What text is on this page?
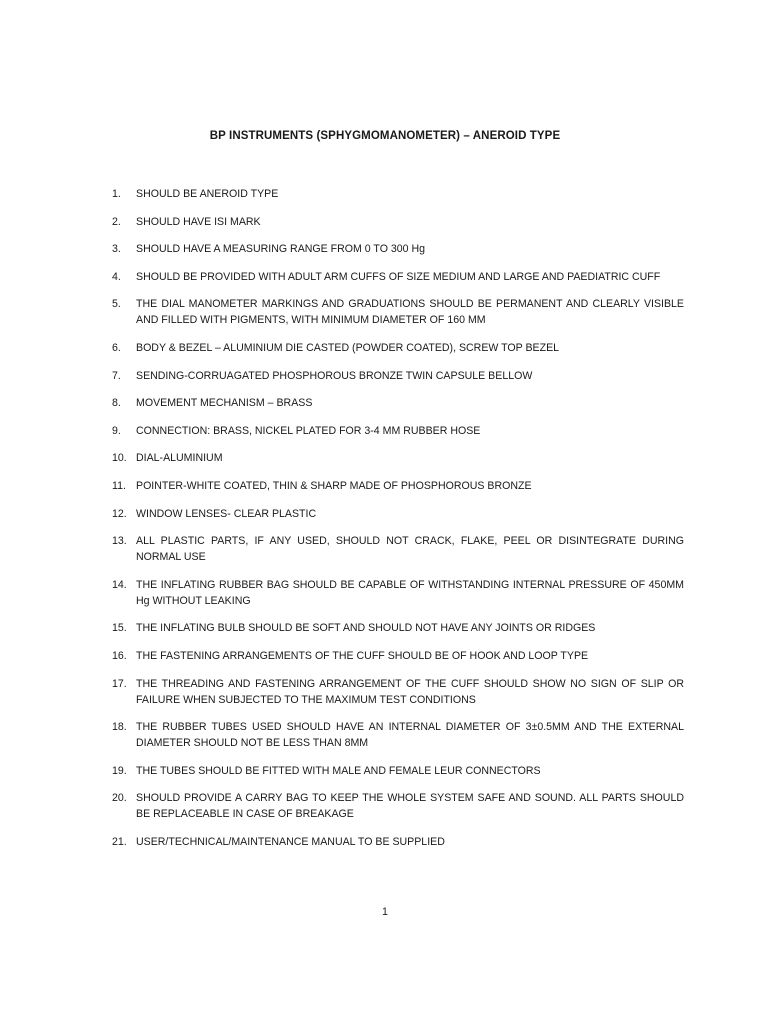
BP INSTRUMENTS (SPHYGMOMANOMETER) – ANEROID TYPE
1.	SHOULD BE ANEROID TYPE
2.	SHOULD HAVE ISI MARK
3.	SHOULD HAVE A MEASURING RANGE FROM 0 TO 300 Hg
4.	SHOULD BE PROVIDED WITH ADULT ARM CUFFS OF SIZE MEDIUM AND LARGE AND PAEDIATRIC CUFF
5.	THE DIAL MANOMETER MARKINGS AND GRADUATIONS SHOULD BE PERMANENT AND CLEARLY VISIBLE AND FILLED WITH PIGMENTS, WITH MINIMUM DIAMETER OF 160 MM
6.	BODY & BEZEL – ALUMINIUM DIE CASTED (POWDER COATED), SCREW TOP BEZEL
7.	SENDING-CORRUAGATED PHOSPHOROUS BRONZE TWIN CAPSULE BELLOW
8.	MOVEMENT MECHANISM – BRASS
9.	CONNECTION: BRASS, NICKEL PLATED FOR 3-4 MM RUBBER HOSE
10. DIAL-ALUMINIUM
11. POINTER-WHITE COATED, THIN & SHARP MADE OF PHOSPHOROUS BRONZE
12. WINDOW LENSES- CLEAR PLASTIC
13. ALL PLASTIC PARTS, IF ANY USED, SHOULD NOT CRACK, FLAKE, PEEL OR DISINTEGRATE DURING NORMAL USE
14. THE INFLATING RUBBER BAG SHOULD BE CAPABLE OF WITHSTANDING INTERNAL PRESSURE OF 450MM Hg WITHOUT LEAKING
15. THE INFLATING BULB SHOULD BE SOFT AND SHOULD NOT HAVE ANY JOINTS OR RIDGES
16. THE FASTENING ARRANGEMENTS OF THE CUFF SHOULD BE OF HOOK AND LOOP TYPE
17. THE THREADING AND FASTENING ARRANGEMENT OF THE CUFF SHOULD SHOW NO SIGN OF SLIP OR FAILURE WHEN SUBJECTED TO THE MAXIMUM TEST CONDITIONS
18. THE RUBBER TUBES USED SHOULD HAVE AN INTERNAL DIAMETER OF 3±0.5MM AND THE EXTERNAL DIAMETER SHOULD NOT BE LESS THAN 8MM
19. THE TUBES SHOULD BE FITTED WITH MALE AND FEMALE LEUR CONNECTORS
20. SHOULD PROVIDE A CARRY BAG TO KEEP THE WHOLE SYSTEM SAFE AND SOUND. ALL PARTS SHOULD BE REPLACEABLE IN CASE OF BREAKAGE
21. USER/TECHNICAL/MAINTENANCE MANUAL TO BE SUPPLIED
1
